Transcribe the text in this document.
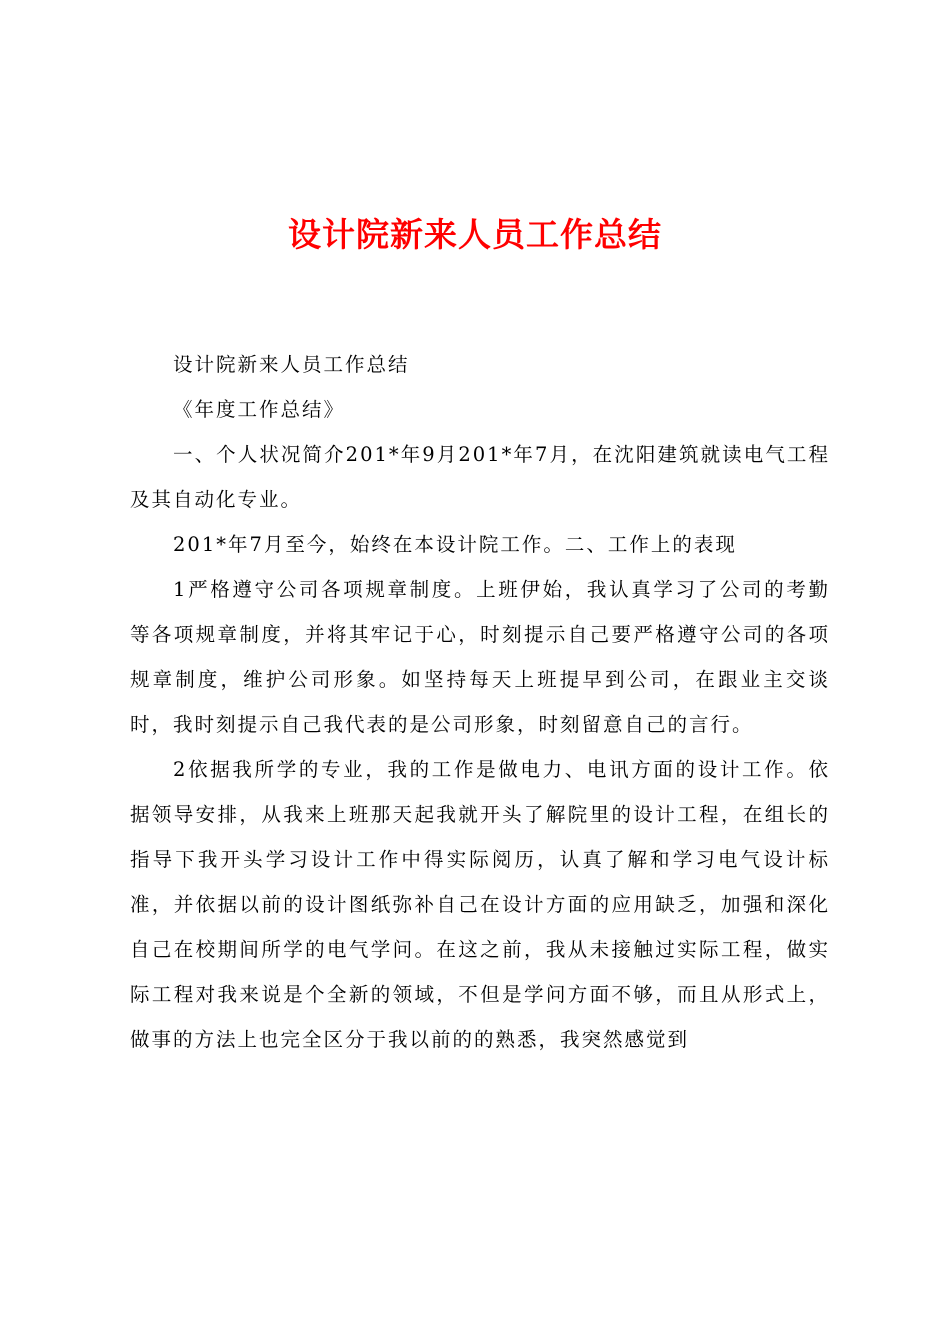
设计院新来人员工作总结

设计院新来人员工作总结

《年度工作总结》

一、个人状况简介201*年9月201*年7月，在沈阳建筑就读电气工程及其自动化专业。

201*年7月至今，始终在本设计院工作。二、工作上的表现

1严格遵守公司各项规章制度。上班伊始，我认真学习了公司的考勤等各项规章制度，并将其牢记于心，时刻提示自己要严格遵守公司的各项规章制度，维护公司形象。如坚持每天上班提早到公司，在跟业主交谈时，我时刻提示自己我代表的是公司形象，时刻留意自己的言行。

2依据我所学的专业，我的工作是做电力、电讯方面的设计工作。依据领导安排，从我来上班那天起我就开头了解院里的设计工程，在组长的指导下我开头学习设计工作中得实际阅历，认真了解和学习电气设计标准，并依据以前的设计图纸弥补自己在设计方面的应用缺乏，加强和深化自己在校期间所学的电气学问。在这之前，我从未接触过实际工程，做实际工程对我来说是个全新的领域，不但是学问方面不够，而且从形式上，做事的方法上也完全区分于我以前的的熟悉，我突然感觉到
